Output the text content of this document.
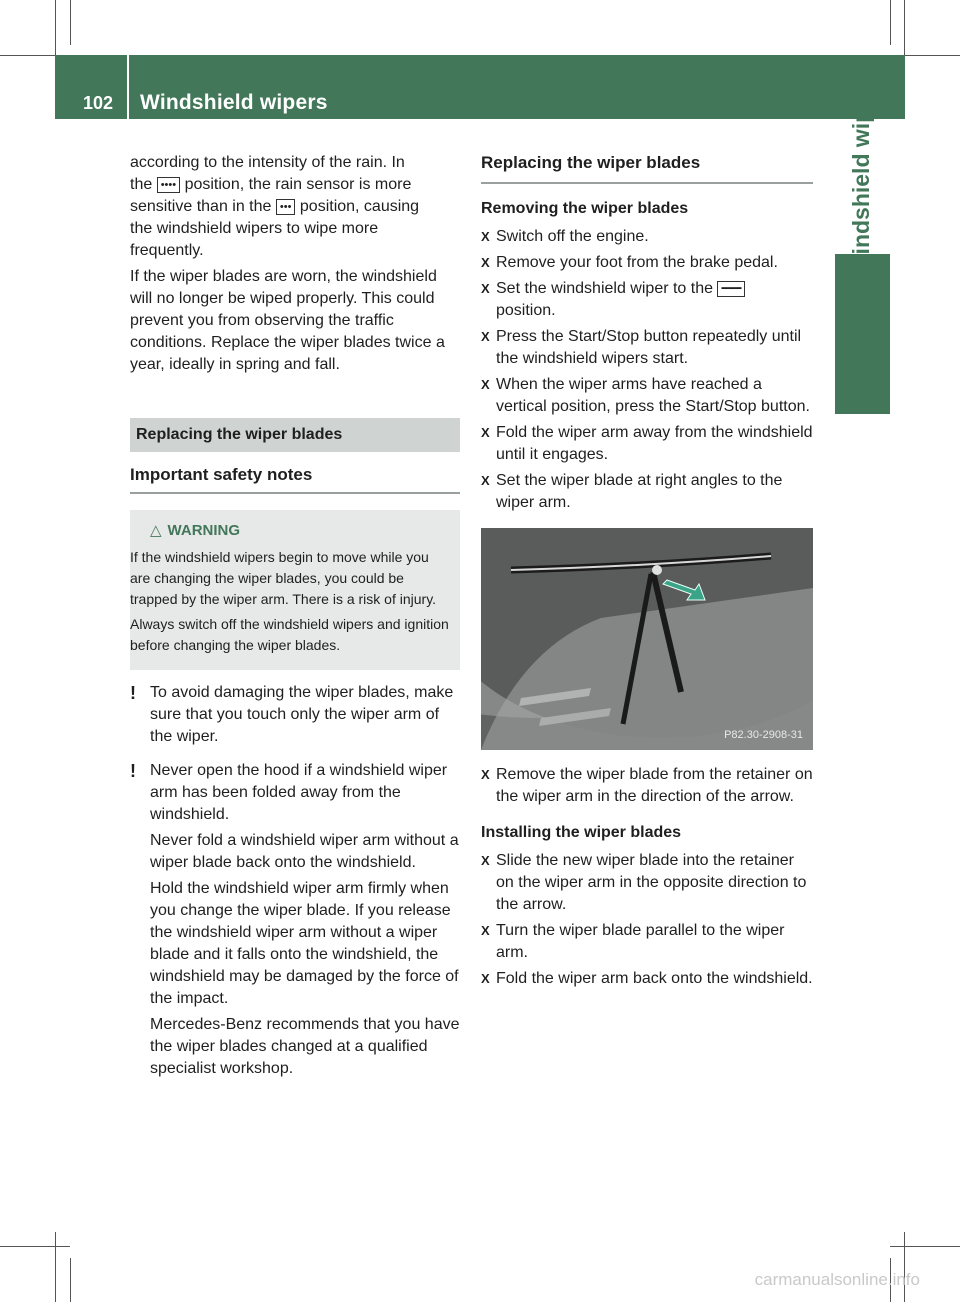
102 Windshield wipers	Lights and windshield wipers

according to the intensity of the rain. In
the •••• position, the rain sensor is more
sensitive than in the ••• position, causing
the windshield wipers to wipe more
frequently.

If the wiper blades are worn, the windshield will no longer be wiped properly. This could prevent you from observing the traffic conditions. Replace the wiper blades twice a year, ideally in spring and fall.

Replacing the wiper blades
Important safety notes
△ WARNING

If the windshield wipers begin to move while you are changing the wiper blades, you could be trapped by the wiper arm. There is a risk of injury.

Always switch off the windshield wipers and ignition before changing the wiper blades.

! To avoid damaging the wiper blades, make sure that you touch only the wiper arm of the wiper.
! Never open the hood if a windshield wiper arm has been folded away from the windshield.

Never fold a windshield wiper arm without a wiper blade back onto the windshield.

Hold the windshield wiper arm firmly when you change the wiper blade. If you release the windshield wiper arm without a wiper blade and it falls onto the windshield, the windshield may be damaged by the force of the impact.

Mercedes-Benz recommends that you have the wiper blades changed at a qualified specialist workshop.

Replacing the wiper blades
Removing the wiper blades
X Switch off the engine.
X Remove your foot from the brake pedal.
X Set the windshield wiper to the ━━━
position.
X Press the Start/Stop button repeatedly until the windshield wipers start.
X When the wiper arms have reached a vertical position, press the Start/Stop button.
X Fold the wiper arm away from the windshield until it engages.
X Set the wiper blade at right angles to the wiper arm.
P82.30-2908-31
X Remove the wiper blade from the retainer on the wiper arm in the direction of the arrow.
Installing the wiper blades
X Slide the new wiper blade into the retainer on the wiper arm in the opposite direction to the arrow.
X Turn the wiper blade parallel to the wiper arm.
X Fold the wiper arm back onto the windshield.
carmanualsonline.info
